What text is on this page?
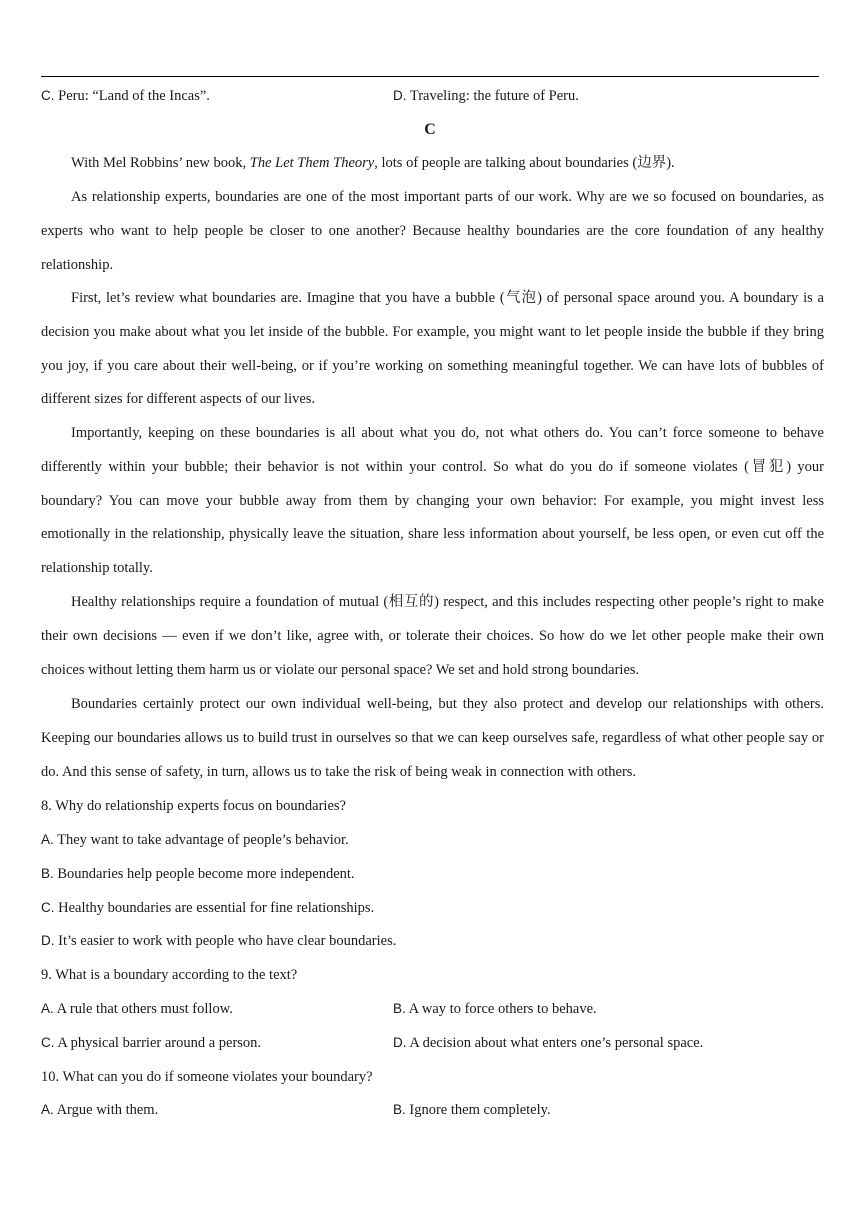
C. Peru: “Land of the Incas”.	D. Traveling: the future of Peru.
C

With Mel Robbins’ new book, The Let Them Theory, lots of people are talking about boundaries (边界).

As relationship experts, boundaries are one of the most important parts of our work. Why are we so focused on boundaries, as experts who want to help people be closer to one another? Because healthy boundaries are the core foundation of any healthy relationship.

First, let’s review what boundaries are. Imagine that you have a bubble (气泡) of personal space around you. A boundary is a decision you make about what you let inside of the bubble. For example, you might want to let people inside the bubble if they bring you joy, if you care about their well-being, or if you’re working on something meaningful together. We can have lots of bubbles of different sizes for different aspects of our lives.

Importantly, keeping on these boundaries is all about what you do, not what others do. You can’t force someone to behave differently within your bubble; their behavior is not within your control. So what do you do if someone violates (冒犯) your boundary? You can move your bubble away from them by changing your own behavior: For example, you might invest less emotionally in the relationship, physically leave the situation, share less information about yourself, be less open, or even cut off the relationship totally.

Healthy relationships require a foundation of mutual (相互的) respect, and this includes respecting other people’s right to make their own decisions — even if we don’t like, agree with, or tolerate their choices. So how do we let other people make their own choices without letting them harm us or violate our personal space? We set and hold strong boundaries.

Boundaries certainly protect our own individual well-being, but they also protect and develop our relationships with others. Keeping our boundaries allows us to build trust in ourselves so that we can keep ourselves safe, regardless of what other people say or do. And this sense of safety, in turn, allows us to take the risk of being weak in connection with others.

8. Why do relationship experts focus on boundaries?
A. They want to take advantage of people’s behavior.
B. Boundaries help people become more independent.
C. Healthy boundaries are essential for fine relationships.
D. It’s easier to work with people who have clear boundaries.
9. What is a boundary according to the text?
A. A rule that others must follow.	B. A way to force others to behave.
C. A physical barrier around a person.	D. A decision about what enters one’s personal space.
10. What can you do if someone violates your boundary?
A. Argue with them.	B. Ignore them completely.
